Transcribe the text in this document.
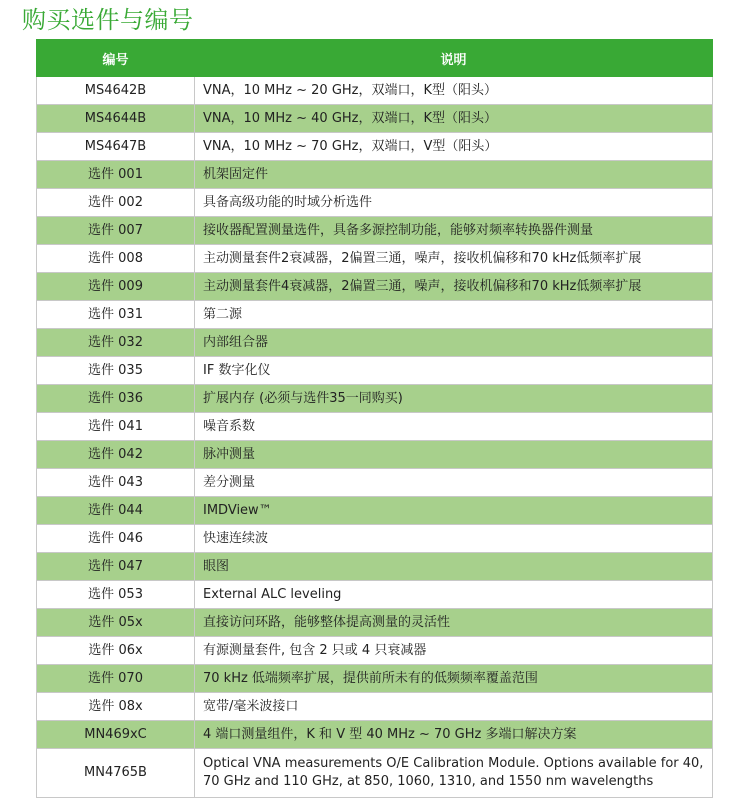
购买选件与编号
编号	说明
MS4642B	VNA，10 MHz ~ 20 GHz，双端口，K型（阳头）
MS4644B	VNA，10 MHz ~ 40 GHz，双端口，K型（阳头）
MS4647B	VNA，10 MHz ~ 70 GHz，双端口，V型（阳头）
选件 001	机架固定件
选件 002	具备高级功能的时域分析选件
选件 007	接收器配置测量选件，具备多源控制功能，能够对频率转换器件测量
选件 008	主动测量套件2衰减器，2偏置三通，噪声，接收机偏移和70 kHz低频率扩展
选件 009	主动测量套件4衰减器，2偏置三通，噪声，接收机偏移和70 kHz低频率扩展
选件 031	第二源
选件 032	内部组合器
选件 035	IF 数字化仪
选件 036	扩展内存 (必须与选件35一同购买)
选件 041	噪音系数
选件 042	脉冲测量
选件 043	差分测量
选件 044	IMDView™
选件 046	快速连续波
选件 047	眼图
选件 053	External ALC leveling
选件 05x	直接访问环路，能够整体提高测量的灵活性
选件 06x	有源测量套件, 包含 2 只或 4 只衰减器
选件 070	70 kHz 低端频率扩展，提供前所未有的低频频率覆盖范围
选件 08x	宽带/毫米波接口
MN469xC	4 端口测量组件，K 和 V 型 40 MHz ~ 70 GHz 多端口解决方案
MN4765B	Optical VNA measurements O/E Calibration Module. Options available for 40, 70 GHz and 110 GHz, at 850, 1060, 1310, and 1550 nm wavelengths
